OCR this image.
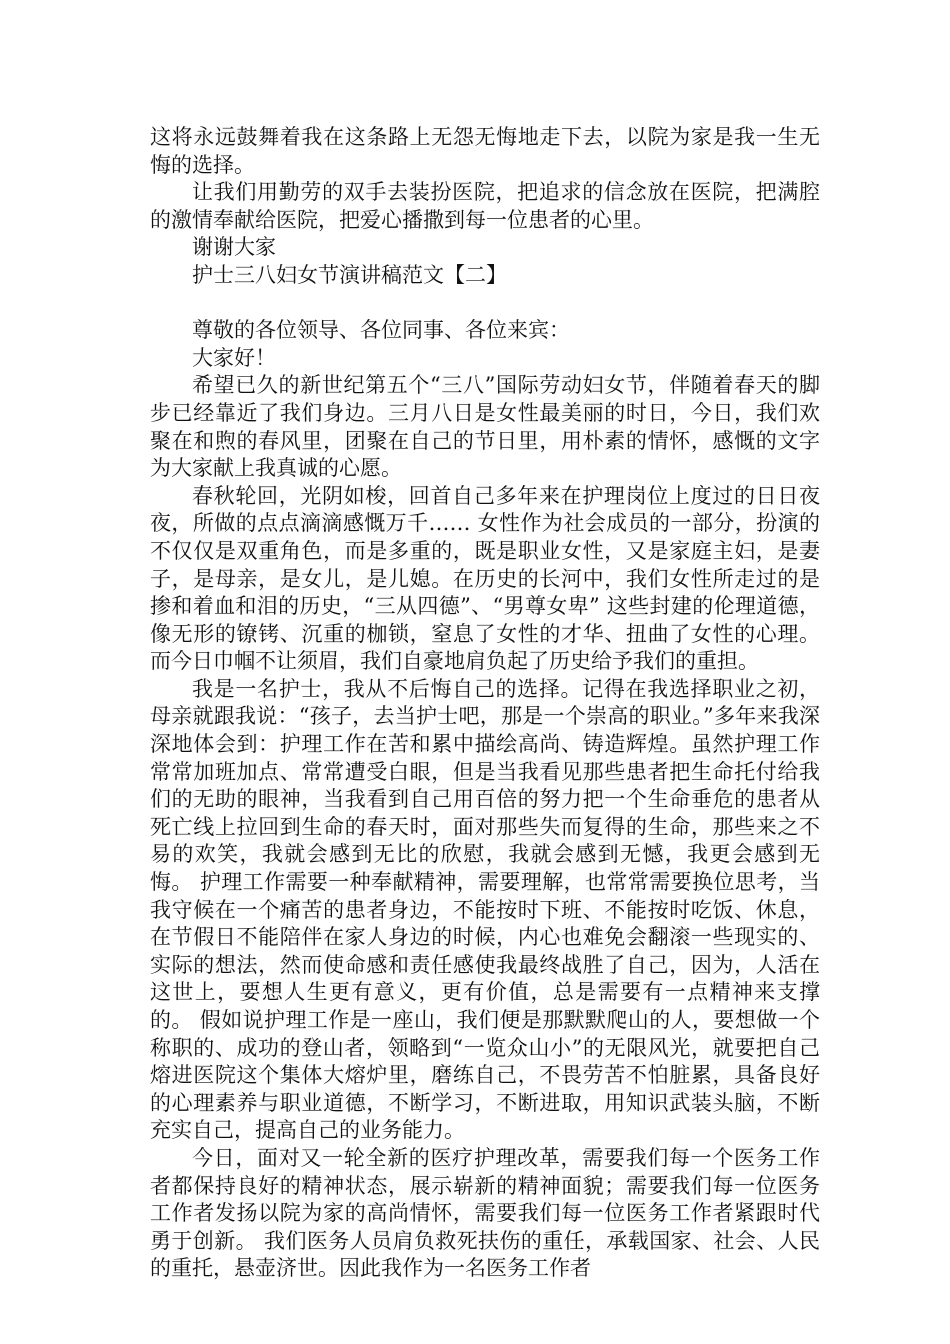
这将永远鼓舞着我在这条路上无怨无悔地走下去，以院为家是我一生无悔的选择。

让我们用勤劳的双手去装扮医院，把追求的信念放在医院，把满腔的激情奉献给医院，把爱心播撒到每一位患者的心里。

谢谢大家

护士三八妇女节演讲稿范文【二】

尊敬的各位领导、各位同事、各位来宾：

大家好！

希望已久的新世纪第五个“三八”国际劳动妇女节，伴随着春天的脚步已经靠近了我们身边。三月八日是女性最美丽的时日，今日，我们欢聚在和煦的春风里，团聚在自己的节日里，用朴素的情怀，感慨的文字为大家献上我真诚的心愿。

春秋轮回，光阴如梭，回首自己多年来在护理岗位上度过的日日夜夜，所做的点点滴滴感慨万千…… 女性作为社会成员的一部分，扮演的不仅仅是双重角色，而是多重的，既是职业女性，又是家庭主妇，是妻子，是母亲，是女儿，是儿媳。在历史的长河中，我们女性所走过的是掺和着血和泪的历史，“三从四德”、“男尊女卑” 这些封建的伦理道德，像无形的镣铐、沉重的枷锁，窒息了女性的才华、扭曲了女性的心理。而今日巾帼不让须眉，我们自豪地肩负起了历史给予我们的重担。

我是一名护士，我从不后悔自己的选择。记得在我选择职业之初，母亲就跟我说：“孩子，去当护士吧，那是一个崇高的职业。”多年来我深深地体会到：护理工作在苦和累中描绘高尚、铸造辉煌。虽然护理工作常常加班加点、常常遭受白眼，但是当我看见那些患者把生命托付给我们的无助的眼神，当我看到自己用百倍的努力把一个生命垂危的患者从死亡线上拉回到生命的春天时，面对那些失而复得的生命，那些来之不易的欢笑，我就会感到无比的欣慰，我就会感到无憾，我更会感到无悔。 护理工作需要一种奉献精神，需要理解，也常常需要换位思考，当我守候在一个痛苦的患者身边，不能按时下班、不能按时吃饭、休息，在节假日不能陪伴在家人身边的时候，内心也难免会翻滚一些现实的、实际的想法，然而使命感和责任感使我最终战胜了自己，因为，人活在这世上，要想人生更有意义，更有价值，总是需要有一点精神来支撑的。 假如说护理工作是一座山，我们便是那默默爬山的人，要想做一个称职的、成功的登山者，领略到“一览众山小”的无限风光，就要把自己熔进医院这个集体大熔炉里，磨练自己，不畏劳苦不怕脏累，具备良好的心理素养与职业道德，不断学习，不断进取，用知识武装头脑，不断充实自己，提高自己的业务能力。

今日，面对又一轮全新的医疗护理改革，需要我们每一个医务工作者都保持良好的精神状态，展示崭新的精神面貌；需要我们每一位医务工作者发扬以院为家的高尚情怀，需要我们每一位医务工作者紧跟时代勇于创新。 我们医务人员肩负救死扶伤的重任，承载国家、社会、人民的重托，悬壶济世。因此我作为一名医务工作者
